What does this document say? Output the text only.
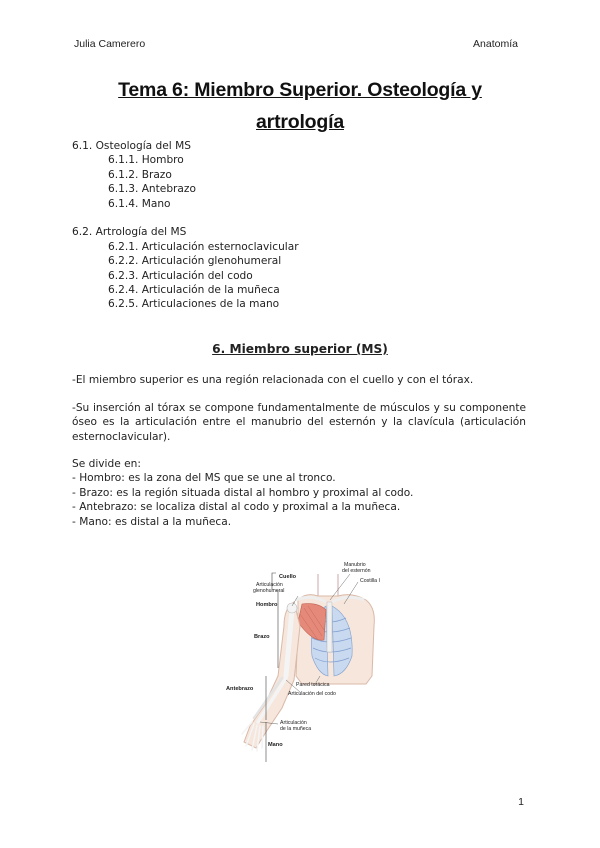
Julia Camerero	Anatomía
Tema 6: Miembro Superior. Osteología y
artrología
6.1. Osteología del MS
6.1.1. Hombro
6.1.2. Brazo
6.1.3. Antebrazo
6.1.4. Mano
6.2. Artrología del MS
6.2.1. Articulación esternoclavicular
6.2.2. Articulación glenohumeral
6.2.3. Articulación del codo
6.2.4. Articulación de la muñeca
6.2.5. Articulaciones de la mano
6. Miembro superior (MS)
-El miembro superior es una región relacionada con el cuello y con el tórax.
-Su inserción al tórax se compone fundamentalmente de músculos y su componente óseo es la articulación entre el manubrio del esternón y la clavícula (articulación esternoclavicular).
Se divide en:
- Hombro: es la zona del MS que se une al tronco.
- Brazo: es la región situada distal al hombro y proximal al codo.
- Antebrazo: se localiza distal al codo y proximal a la muñeca.
- Mano: es distal a la muñeca.
Cuello
Articulación
glenohumeral
Hombro
Brazo
Antebrazo
Mano
Manubrio
del esternón
Costilla I
Pared torácica
Articulación del codo
Articulación
de la muñeca
1
